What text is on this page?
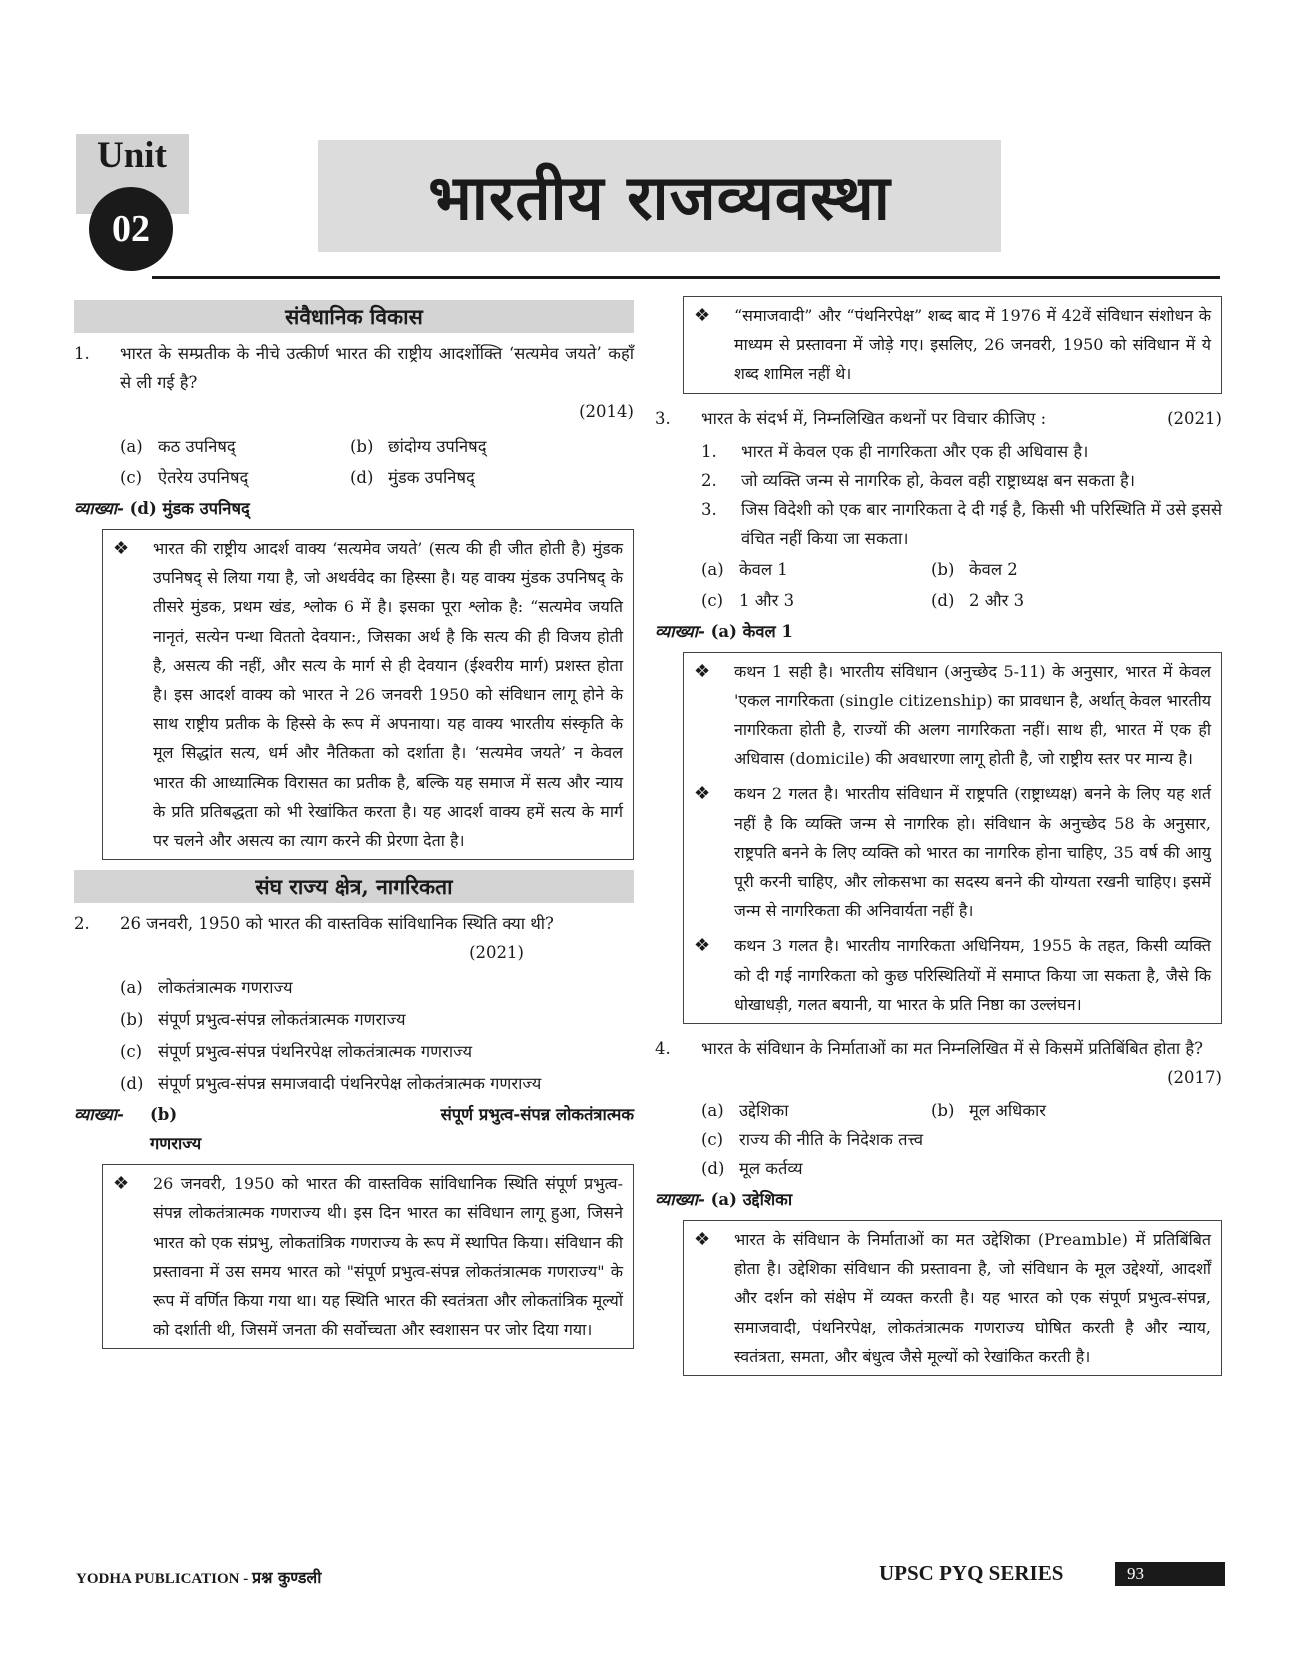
Unit
02	भारतीय राजव्यवस्था
संवैधानिक विकास
1.	भारत के सम्प्रतीक के नीचे उत्कीर्ण भारत की राष्ट्रीय आदर्शोक्ति ‘सत्यमेव जयते’ कहाँ से ली गई है?
(2014)
(a) कठ उपनिषद्	(b) छांदोग्य उपनिषद्
(c) ऐतरेय उपनिषद्	(d) मुंडक उपनिषद्
व्याख्या- (d) मुंडक उपनिषद्
❖	भारत की राष्ट्रीय आदर्श वाक्य ‘सत्यमेव जयते’ (सत्य की ही जीत होती है) मुंडक उपनिषद् से लिया गया है, जो अथर्ववेद का हिस्सा है। यह वाक्य मुंडक उपनिषद् के तीसरे मुंडक, प्रथम खंड, श्लोक 6 में है। इसका पूरा श्लोक है: “सत्यमेव जयति नानृतं, सत्येन पन्था विततो देवयान:, जिसका अर्थ है कि सत्य की ही विजय होती है, असत्य की नहीं, और सत्य के मार्ग से ही देवयान (ईश्वरीय मार्ग) प्रशस्त होता है। इस आदर्श वाक्य को भारत ने 26 जनवरी 1950 को संविधान लागू होने के साथ राष्ट्रीय प्रतीक के हिस्से के रूप में अपनाया। यह वाक्य भारतीय संस्कृति के मूल सिद्धांत सत्य, धर्म और नैतिकता को दर्शाता है। ‘सत्यमेव जयते’ न केवल भारत की आध्यात्मिक विरासत का प्रतीक है, बल्कि यह समाज में सत्य और न्याय के प्रति प्रतिबद्धता को भी रेखांकित करता है। यह आदर्श वाक्य हमें सत्य के मार्ग पर चलने और असत्य का त्याग करने की प्रेरणा देता है।
संघ राज्य क्षेत्र, नागरिकता
2.	26 जनवरी, 1950 को भारत की वास्तविक सांविधानिक स्थिति क्या थी?
(2021)
(a) लोकतंत्रात्मक गणराज्य
(b) संपूर्ण प्रभुत्व-संपन्न लोकतंत्रात्मक गणराज्य
(c) संपूर्ण प्रभुत्व-संपन्न पंथनिरपेक्ष लोकतंत्रात्मक गणराज्य
(d) संपूर्ण प्रभुत्व-संपन्न समाजवादी पंथनिरपेक्ष लोकतंत्रात्मक गणराज्य
व्याख्या-	(b)	संपूर्ण प्रभुत्व-संपन्न लोकतंत्रात्मक
गणराज्य
❖	26 जनवरी, 1950 को भारत की वास्तविक सांविधानिक स्थिति संपूर्ण प्रभुत्व-संपन्न लोकतंत्रात्मक गणराज्य थी। इस दिन भारत का संविधान लागू हुआ, जिसने भारत को एक संप्रभु, लोकतांत्रिक गणराज्य के रूप में स्थापित किया। संविधान की प्रस्तावना में उस समय भारत को "संपूर्ण प्रभुत्व-संपन्न लोकतंत्रात्मक गणराज्य" के रूप में वर्णित किया गया था। यह स्थिति भारत की स्वतंत्रता और लोकतांत्रिक मूल्यों को दर्शाती थी, जिसमें जनता की सर्वोच्चता और स्वशासन पर जोर दिया गया।
❖	“समाजवादी” और “पंथनिरपेक्ष” शब्द बाद में 1976 में 42वें संविधान संशोधन के माध्यम से प्रस्तावना में जोड़े गए। इसलिए, 26 जनवरी, 1950 को संविधान में ये शब्द शामिल नहीं थे।
3.	भारत के संदर्भ में, निम्नलिखित कथनों पर विचार कीजिए :	(2021)
1.	भारत में केवल एक ही नागरिकता और एक ही अधिवास है।
2.	जो व्यक्ति जन्म से नागरिक हो, केवल वही राष्ट्राध्यक्ष बन सकता है।
3.	जिस विदेशी को एक बार नागरिकता दे दी गई है, किसी भी परिस्थिति में उसे इससे वंचित नहीं किया जा सकता।
(a) केवल 1	(b) केवल 2
(c) 1 और 3	(d) 2 और 3
व्याख्या- (a) केवल 1
❖	कथन 1 सही है। भारतीय संविधान (अनुच्छेद 5-11) के अनुसार, भारत में केवल 'एकल नागरिकता (single citizenship) का प्रावधान है, अर्थात् केवल भारतीय नागरिकता होती है, राज्यों की अलग नागरिकता नहीं। साथ ही, भारत में एक ही अधिवास (domicile) की अवधारणा लागू होती है, जो राष्ट्रीय स्तर पर मान्य है।
❖	कथन 2 गलत है। भारतीय संविधान में राष्ट्रपति (राष्ट्राध्यक्ष) बनने के लिए यह शर्त नहीं है कि व्यक्ति जन्म से नागरिक हो। संविधान के अनुच्छेद 58 के अनुसार, राष्ट्रपति बनने के लिए व्यक्ति को भारत का नागरिक होना चाहिए, 35 वर्ष की आयु पूरी करनी चाहिए, और लोकसभा का सदस्य बनने की योग्यता रखनी चाहिए। इसमें जन्म से नागरिकता की अनिवार्यता नहीं है।
❖	कथन 3 गलत है। भारतीय नागरिकता अधिनियम, 1955 के तहत, किसी व्यक्ति को दी गई नागरिकता को कुछ परिस्थितियों में समाप्त किया जा सकता है, जैसे कि धोखाधड़ी, गलत बयानी, या भारत के प्रति निष्ठा का उल्लंघन।
4.	भारत के संविधान के निर्माताओं का मत निम्नलिखित में से किसमें प्रतिबिंबित होता है?
(2017)
(a) उद्देशिका	(b) मूल अधिकार
(c) राज्य की नीति के निदेशक तत्त्व
(d) मूल कर्तव्य
व्याख्या- (a) उद्देशिका
❖	भारत के संविधान के निर्माताओं का मत उद्देशिका (Preamble) में प्रतिबिंबित होता है। उद्देशिका संविधान की प्रस्तावना है, जो संविधान के मूल उद्देश्यों, आदर्शों और दर्शन को संक्षेप में व्यक्त करती है। यह भारत को एक संपूर्ण प्रभुत्व-संपन्न, समाजवादी, पंथनिरपेक्ष, लोकतंत्रात्मक गणराज्य घोषित करती है और न्याय, स्वतंत्रता, समता, और बंधुत्व जैसे मूल्यों को रेखांकित करती है।
YODHA PUBLICATION - प्रश्न कुण्डली	UPSC PYQ SERIES	93
